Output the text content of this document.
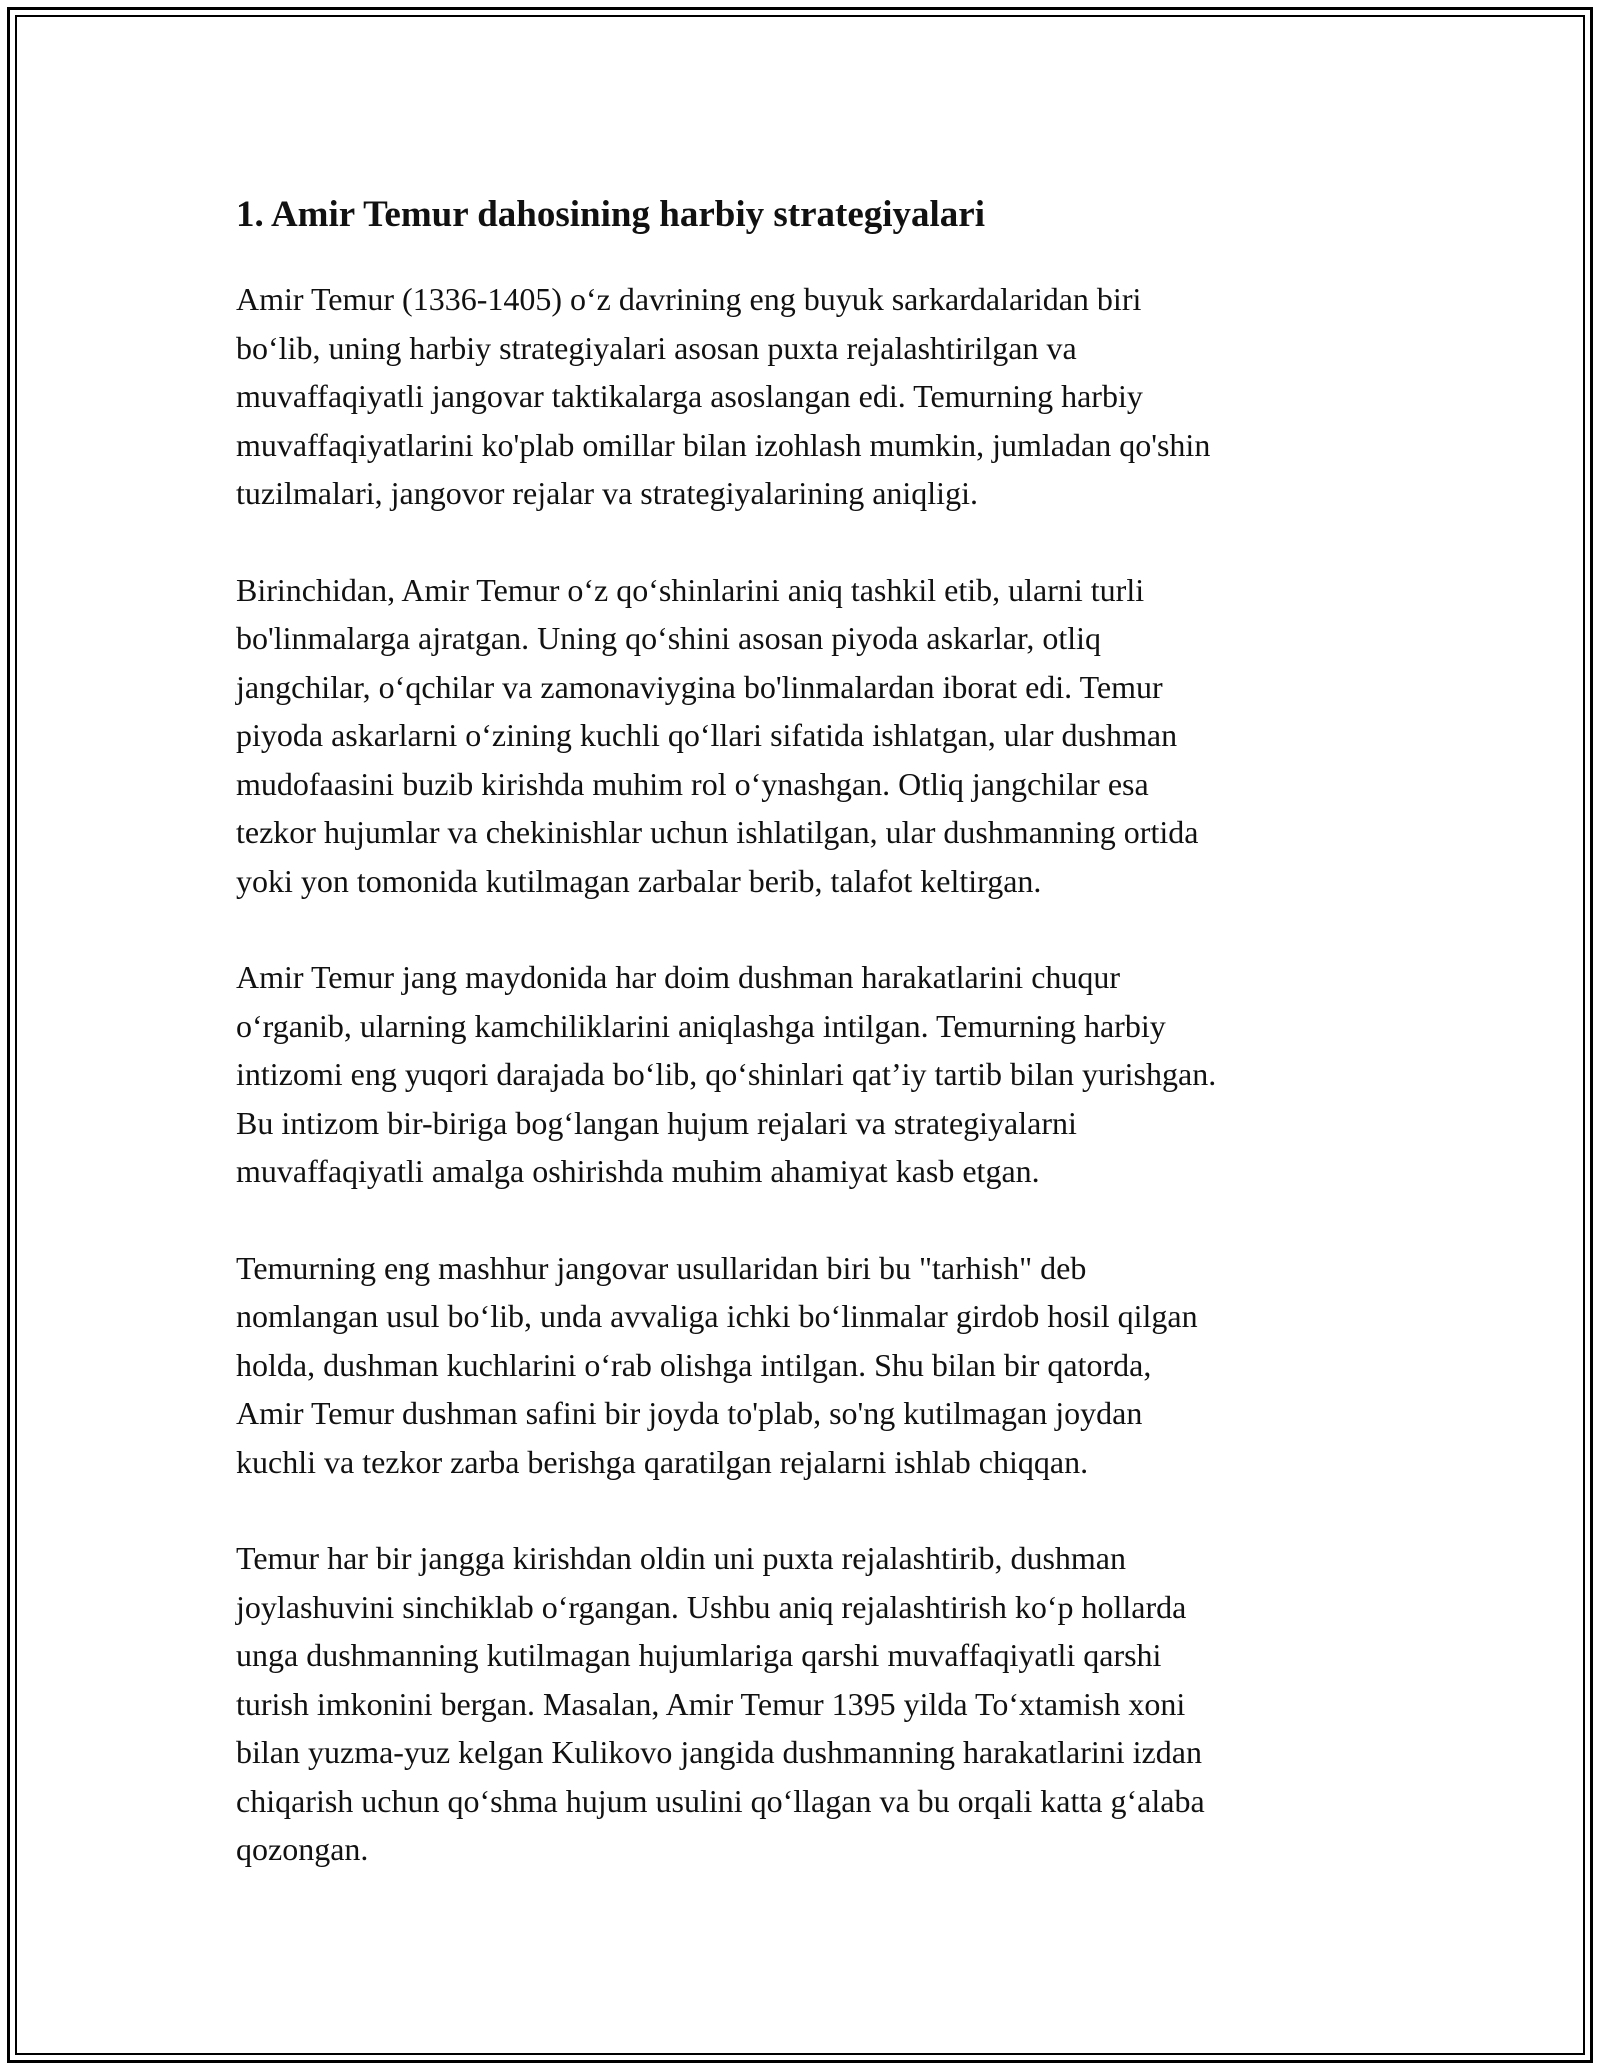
1. Amir Temur dahosining harbiy strategiyalari

Amir Temur (1336-1405) o‘z davrining eng buyuk sarkardalaridan biri
bo‘lib, uning harbiy strategiyalari asosan puxta rejalashtirilgan va
muvaffaqiyatli jangovar taktikalarga asoslangan edi. Temurning harbiy
muvaffaqiyatlarini ko'plab omillar bilan izohlash mumkin, jumladan qo'shin
tuzilmalari, jangovor rejalar va strategiyalarining aniqligi.

Birinchidan, Amir Temur o‘z qo‘shinlarini aniq tashkil etib, ularni turli
bo'linmalarga ajratgan. Uning qo‘shini asosan piyoda askarlar, otliq
jangchilar, o‘qchilar va zamonaviygina bo'linmalardan iborat edi. Temur
piyoda askarlarni o‘zining kuchli qo‘llari sifatida ishlatgan, ular dushman
mudofaasini buzib kirishda muhim rol o‘ynashgan. Otliq jangchilar esa
tezkor hujumlar va chekinishlar uchun ishlatilgan, ular dushmanning ortida
yoki yon tomonida kutilmagan zarbalar berib, talafot keltirgan.

Amir Temur jang maydonida har doim dushman harakatlarini chuqur
o‘rganib, ularning kamchiliklarini aniqlashga intilgan. Temurning harbiy
intizomi eng yuqori darajada bo‘lib, qo‘shinlari qat’iy tartib bilan yurishgan.
Bu intizom bir-biriga bog‘langan hujum rejalari va strategiyalarni
muvaffaqiyatli amalga oshirishda muhim ahamiyat kasb etgan.

Temurning eng mashhur jangovar usullaridan biri bu "tarhish" deb
nomlangan usul bo‘lib, unda avvaliga ichki bo‘linmalar girdob hosil qilgan
holda, dushman kuchlarini o‘rab olishga intilgan. Shu bilan bir qatorda,
Amir Temur dushman safini bir joyda to'plab, so'ng kutilmagan joydan
kuchli va tezkor zarba berishga qaratilgan rejalarni ishlab chiqqan.

Temur har bir jangga kirishdan oldin uni puxta rejalashtirib, dushman
joylashuvini sinchiklab o‘rgangan. Ushbu aniq rejalashtirish ko‘p hollarda
unga dushmanning kutilmagan hujumlariga qarshi muvaffaqiyatli qarshi
turish imkonini bergan. Masalan, Amir Temur 1395 yilda To‘xtamish xoni
bilan yuzma-yuz kelgan Kulikovo jangida dushmanning harakatlarini izdan
chiqarish uchun qo‘shma hujum usulini qo‘llagan va bu orqali katta g‘alaba
qozongan.
